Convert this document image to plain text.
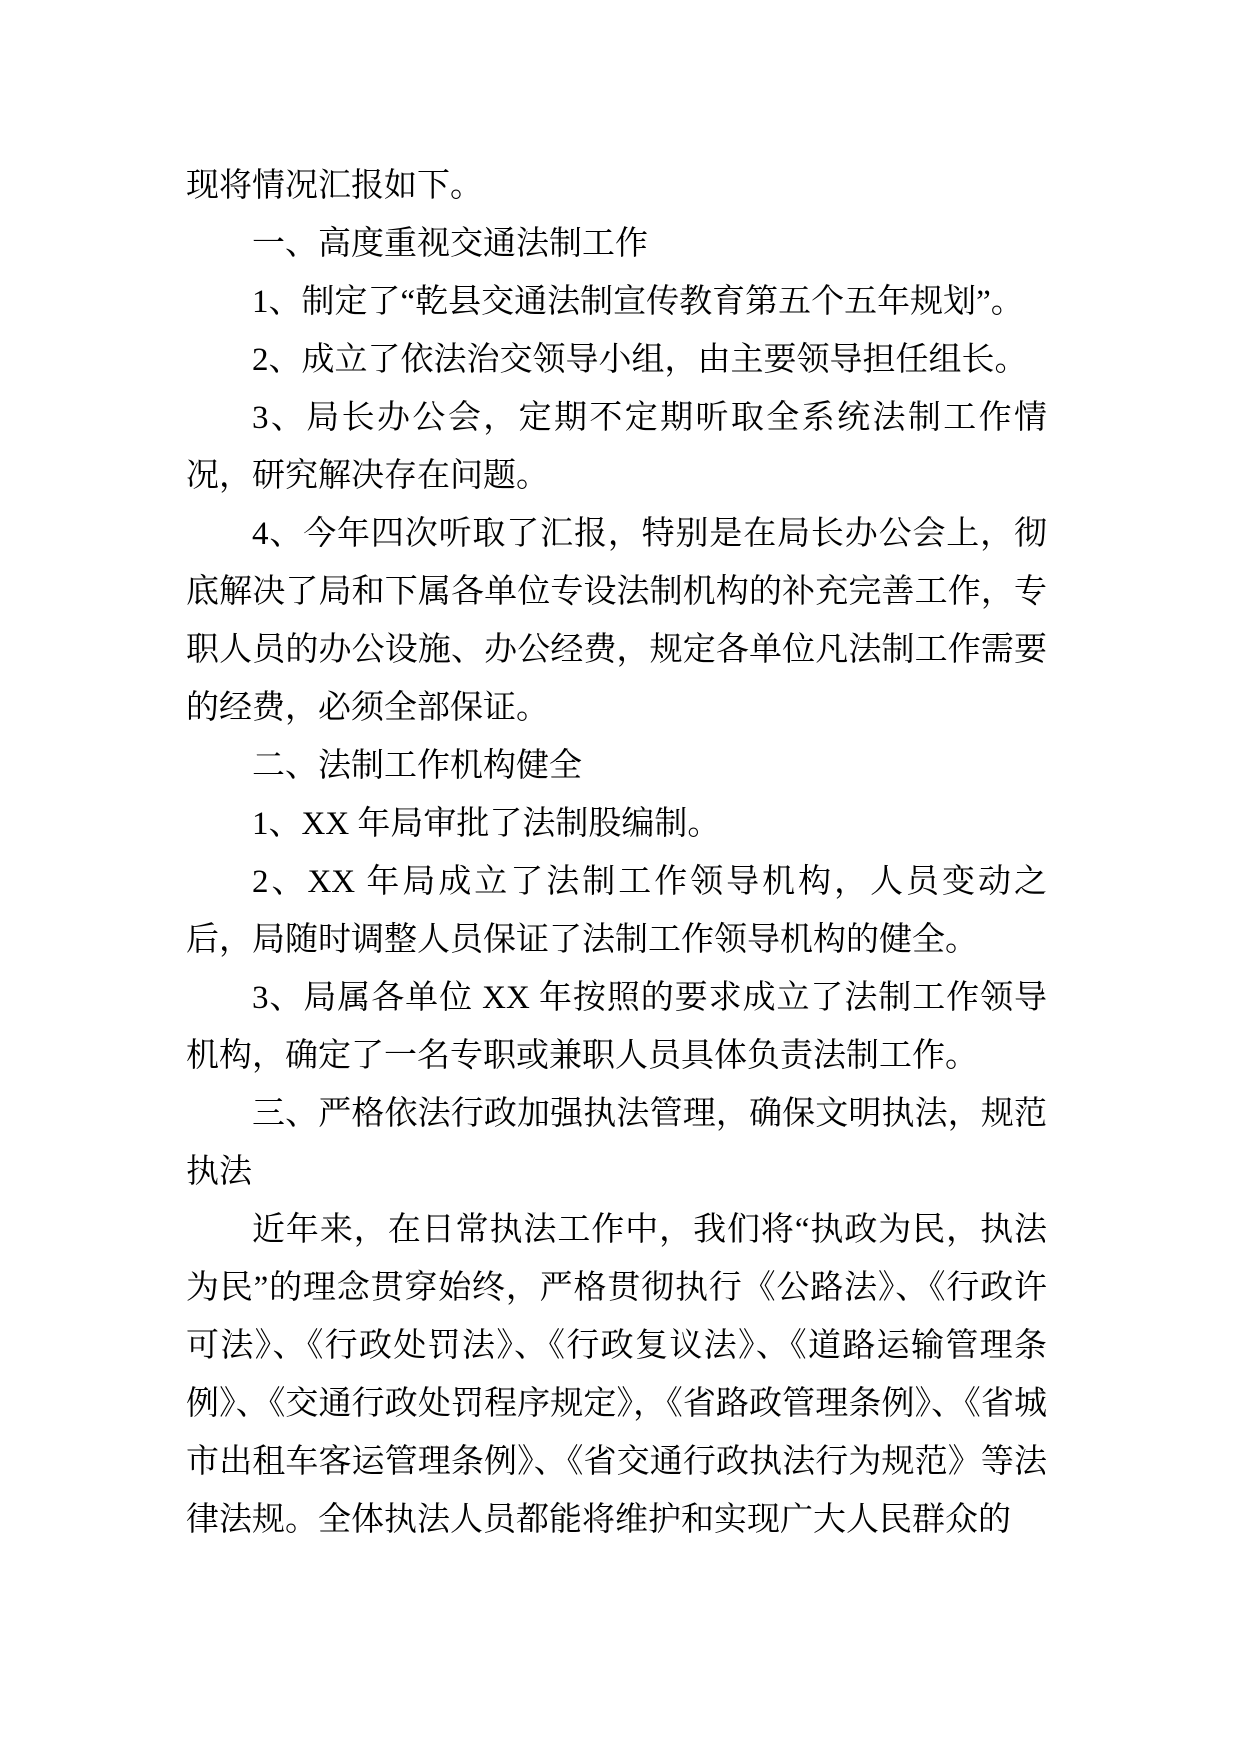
现将情况汇报如下。

一、高度重视交通法制工作

1、制定了“乾县交通法制宣传教育第五个五年规划”。

2、成立了依法治交领导小组，由主要领导担任组长。

3、局长办公会，定期不定期听取全系统法制工作情况，研究解决存在问题。

4、今年四次听取了汇报，特别是在局长办公会上，彻底解决了局和下属各单位专设法制机构的补充完善工作，专职人员的办公设施、办公经费，规定各单位凡法制工作需要的经费，必须全部保证。

二、法制工作机构健全

1、XX 年局审批了法制股编制。

2、XX 年局成立了法制工作领导机构，人员变动之后，局随时调整人员保证了法制工作领导机构的健全。

3、局属各单位 XX 年按照的要求成立了法制工作领导机构，确定了一名专职或兼职人员具体负责法制工作。

三、严格依法行政加强执法管理，确保文明执法，规范执法

近年来，在日常执法工作中，我们将“执政为民，执法为民”的理念贯穿始终，严格贯彻执行《公路法》、《行政许可法》、《行政处罚法》、《行政复议法》、《道路运输管理条例》、《交通行政处罚程序规定》，《省路政管理条例》、《省城市出租车客运管理条例》、《省交通行政执法行为规范》等法律法规。全体执法人员都能将维护和实现广大人民群众的
